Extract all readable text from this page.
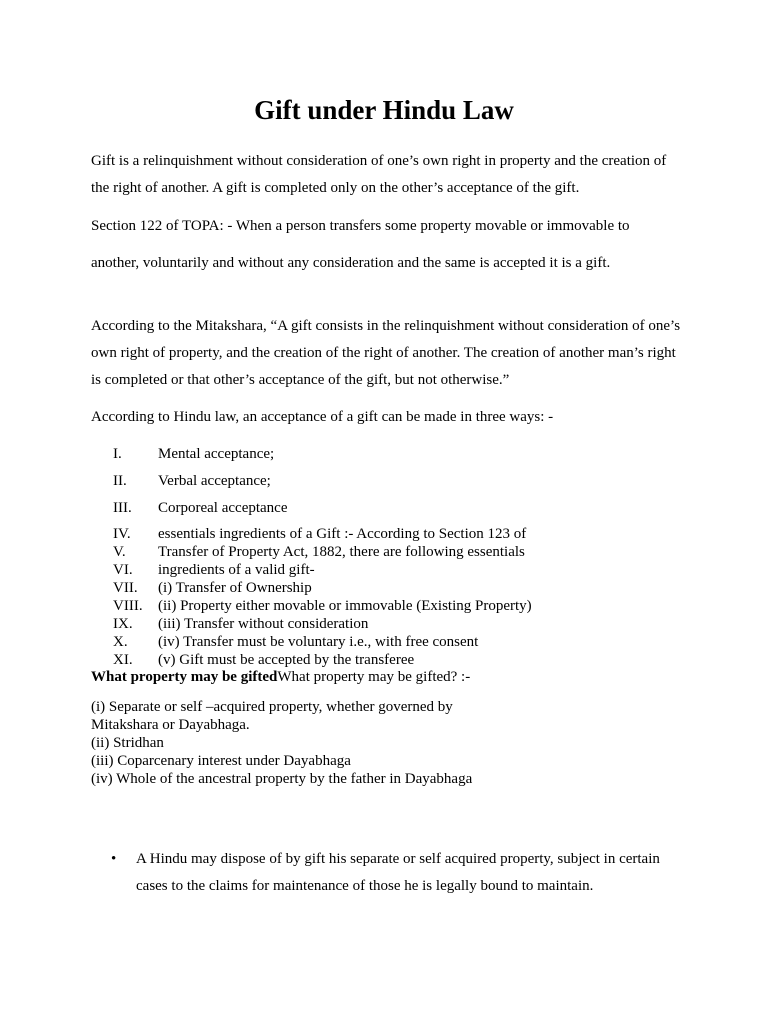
Gift under Hindu Law

Gift is a relinquishment without consideration of one’s own right in property and the creation of the right of another. A gift is completed only on the other’s acceptance of the gift.

Section 122 of TOPA: - When a person transfers some property movable or immovable to

another, voluntarily and without any consideration and the same is accepted it is a gift.

According to the Mitakshara, “A gift consists in the relinquishment without consideration of one’s own right of property, and the creation of the right of another. The creation of another man’s right is completed or that other’s acceptance of the gift, but not otherwise.”

According to Hindu law, an acceptance of a gift can be made in three ways: -

I. Mental acceptance;
II. Verbal acceptance;
III. Corporeal acceptance
IV. essentials ingredients of a Gift :- According to Section 123 of
V. Transfer of Property Act, 1882, there are following essentials
VI. ingredients of a valid gift-
VII. (i) Transfer of Ownership
VIII. (ii) Property either movable or immovable (Existing Property)
IX. (iii) Transfer without consideration
X. (iv) Transfer must be voluntary i.e., with free consent
XI. (v) Gift must be accepted by the transferee

What property may be giftedWhat property may be gifted? :-

(i) Separate or self –acquired property, whether governed by

Mitakshara or Dayabhaga.

(ii) Stridhan

(iii) Coparcenary interest under Dayabhaga

(iv) Whole of the ancestral property by the father in Dayabhaga

• A Hindu may dispose of by gift his separate or self acquired property, subject in certain cases to the claims for maintenance of those he is legally bound to maintain.
